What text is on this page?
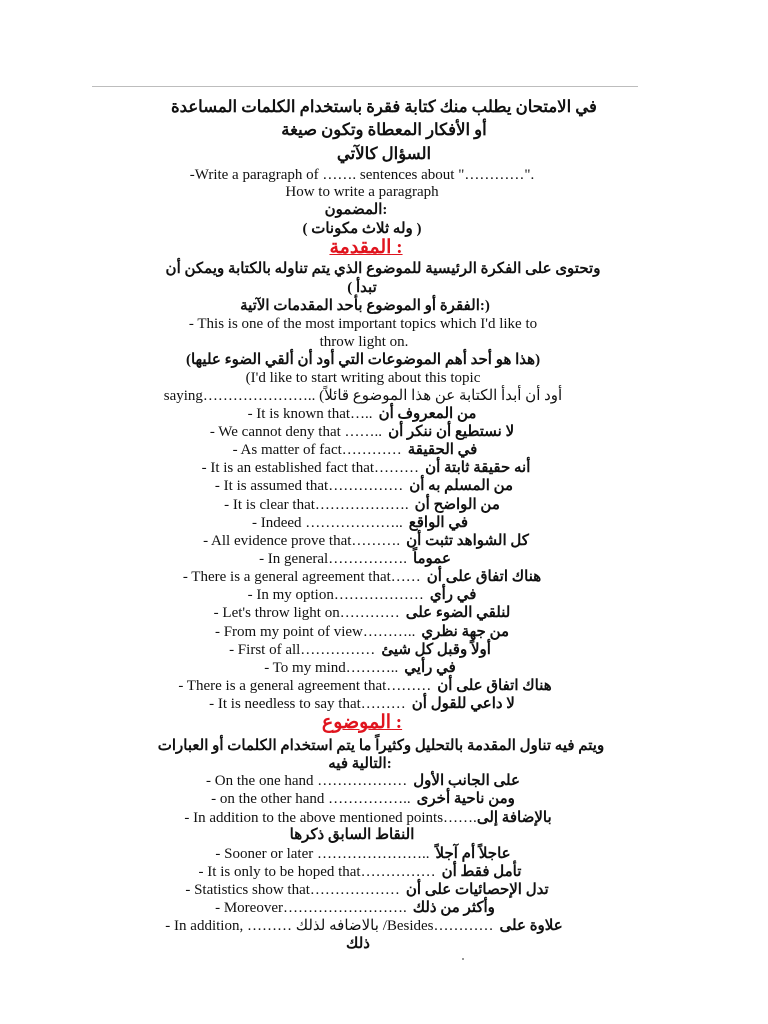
في الامتحان يطلب منك كتابة فقرة باستخدام الكلمات المساعدة
أو الأفكار المعطاة وتكون صيغة
السؤال كالآتي
-Write a paragraph of ……. sentences about "…………".
How to write a paragraph
المضمون:
( وله ثلاث مكونات )
المقدمة :
وتحتوى على الفكرة الرئيسية للموضوع الذي يتم تناوله بالكتابة ويمكن أن
( تبدأ
الفقرة أو الموضوع بأحد المقدمات الآتية:)
- This is one of the most important topics which I'd like to
throw light on.
(هذا هو أحد أهم الموضوعات التي أود أن ألقي الضوء عليها)
(I'd like to start writing about this topic
saying………………….. (أود أن أبدأ الكتابة عن هذا الموضوع قائلاً
- It is known that….. من المعروف أن
- We cannot deny that …….. لا نستطيع أن ننكر أن
- As matter of fact………… في الحقيقة
- It is an established fact that……… أنه حقيقة ثابتة أن
- It is assumed that…………… من المسلم به أن
- It is clear that………………. من الواضح أن
- Indeed ……………….. في الواقع
- All evidence prove that………. كل الشواهد تثبت أن
- In general……………. عموماً
- There is a general agreement that…… هناك اتفاق على أن
- In my option……………… في رأي
- Let's throw light on………… لنلقي الضوء على
- From my point of view……….. من جهة نظري
- First of all…………… أولاً وقبل كل شيئ
- To my mind……….. في رأيي
- There is a general agreement that……… هناك اتفاق على أن
- It is needless to say that……… لا داعي للقول أن
الموضوع :
ويتم فيه تناول المقدمة بالتحليل وكثيراً ما يتم استخدام الكلمات أو العبارات
التالية فيه:
- On the one hand ……………… على الجانب الأول
- on the other hand …………….. ومن ناحية أخرى
- In addition to the above mentioned points…….بالإضافة إلى
النقاط السابق ذكرها
- Sooner or later ………………….. عاجلاً أم آجلاً
- It is only to be hoped that…………… تأمل فقط أن
- Statistics show that……………… تدل الإحصائيات على أن
- Moreover……………………. وأكثر من ذلك
- In addition, ……… بالاضافه لذلك /Besides………… علاوة على
ذلك
